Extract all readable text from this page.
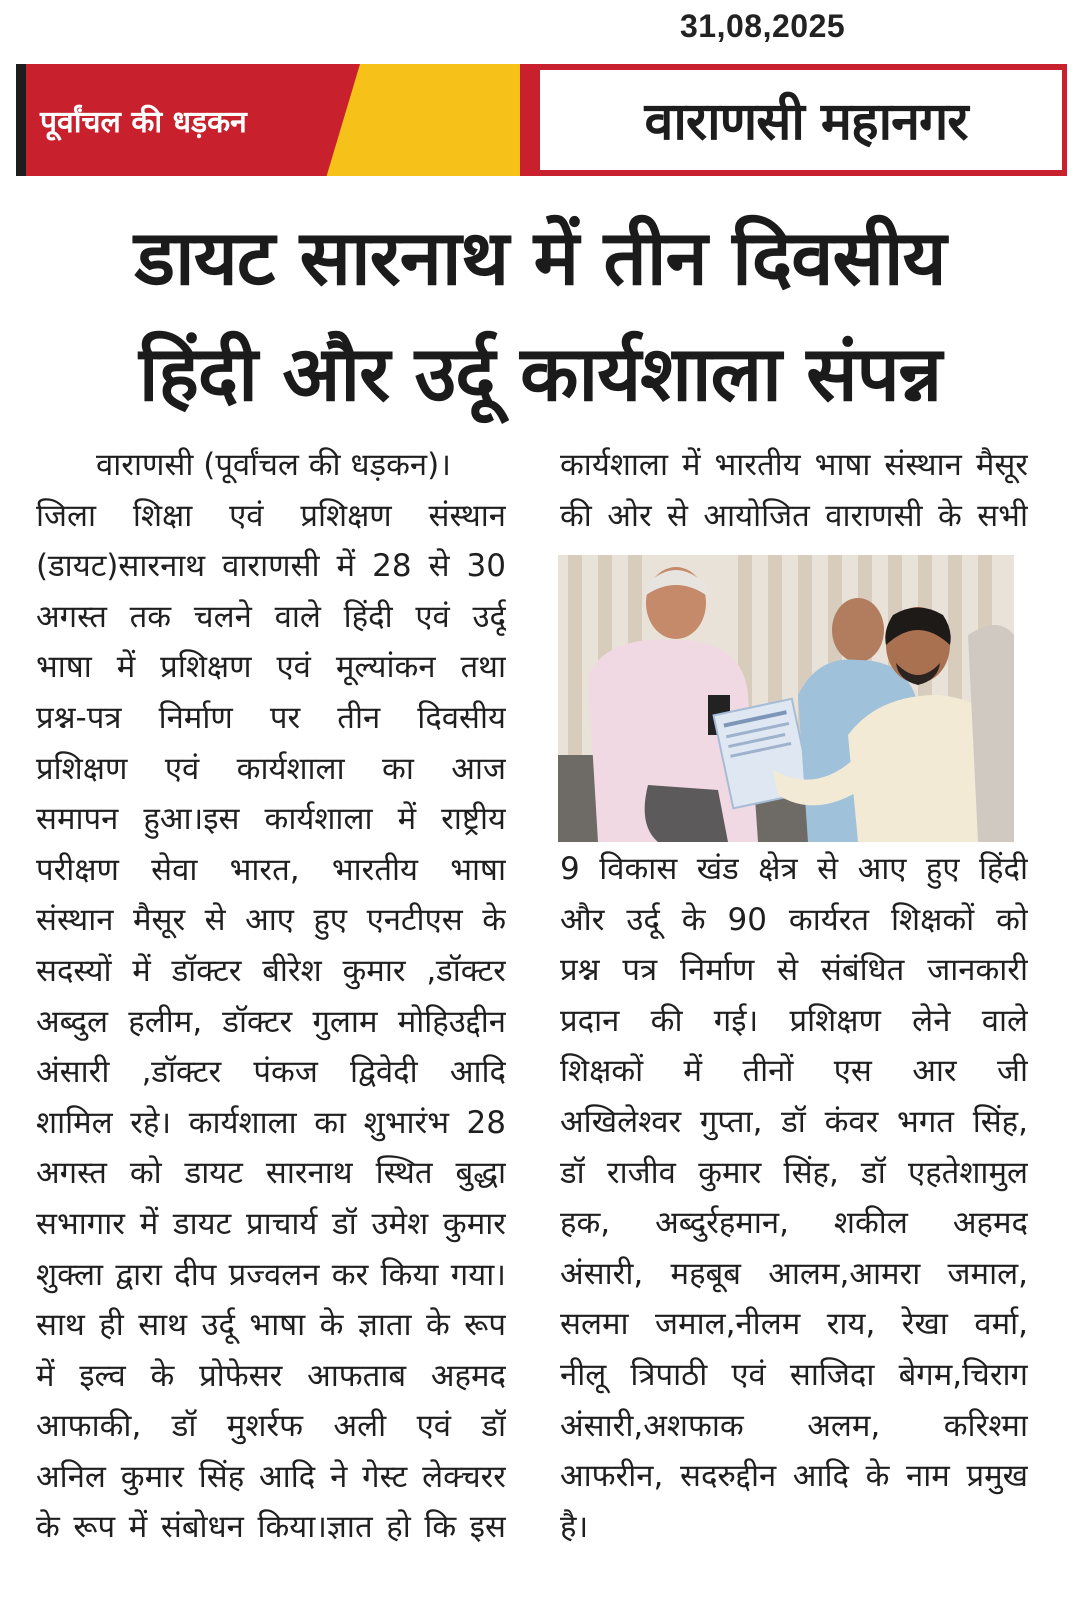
31,08,2025
पूर्वांचल की धड़कन	वाराणसी महानगर
डायट सारनाथ में तीन दिवसीय
हिंदी और उर्दू कार्यशाला संपन्न
वाराणसी (पूर्वांचल की धड़कन)।
जिला शिक्षा एवं प्रशिक्षण संस्थान
(डायट)सारनाथ वाराणसी में 28 से 30
अगस्त तक चलने वाले हिंदी एवं उर्दू
भाषा में प्रशिक्षण एवं मूल्यांकन तथा
प्रश्न-पत्र निर्माण पर तीन दिवसीय
प्रशिक्षण एवं कार्यशाला का आज
समापन हुआ।इस कार्यशाला में राष्ट्रीय
परीक्षण सेवा भारत, भारतीय भाषा
संस्थान मैसूर से आए हुए एनटीएस के
सदस्यों में डॉक्टर बीरेश कुमार ,डॉक्टर
अब्दुल हलीम, डॉक्टर गुलाम मोहिउद्दीन
अंसारी ,डॉक्टर पंकज द्विवेदी आदि
शामिल रहे। कार्यशाला का शुभारंभ 28
अगस्त को डायट सारनाथ स्थित बुद्धा
सभागार में डायट प्राचार्य डॉ उमेश कुमार
शुक्ला द्वारा दीप प्रज्वलन कर किया गया।
साथ ही साथ उर्दू भाषा के ज्ञाता के रूप
में इल्व के प्रोफेसर आफताब अहमद
आफाकी, डॉ मुशर्रफ अली एवं डॉ
अनिल कुमार सिंह आदि ने गेस्ट लेक्चरर
के रूप में संबोधन किया।ज्ञात हो कि इस
कार्यशाला में भारतीय भाषा संस्थान मैसूर
की ओर से आयोजित वाराणसी के सभी
9 विकास खंड क्षेत्र से आए हुए हिंदी
और उर्दू के 90 कार्यरत शिक्षकों को
प्रश्न पत्र निर्माण से संबंधित जानकारी
प्रदान की गई। प्रशिक्षण लेने वाले
शिक्षकों में तीनों एस आर जी
अखिलेश्वर गुप्ता, डॉ कंवर भगत सिंह,
डॉ राजीव कुमार सिंह, डॉ एहतेशामुल
हक, अब्दुर्रहमान, शकील अहमद
अंसारी, महबूब आलम,आमरा जमाल,
सलमा जमाल,नीलम राय, रेखा वर्मा,
नीलू त्रिपाठी एवं साजिदा बेगम,चिराग
अंसारी,अशफाक अलम, करिश्मा
आफरीन, सदरुद्दीन आदि के नाम प्रमुख
है।
